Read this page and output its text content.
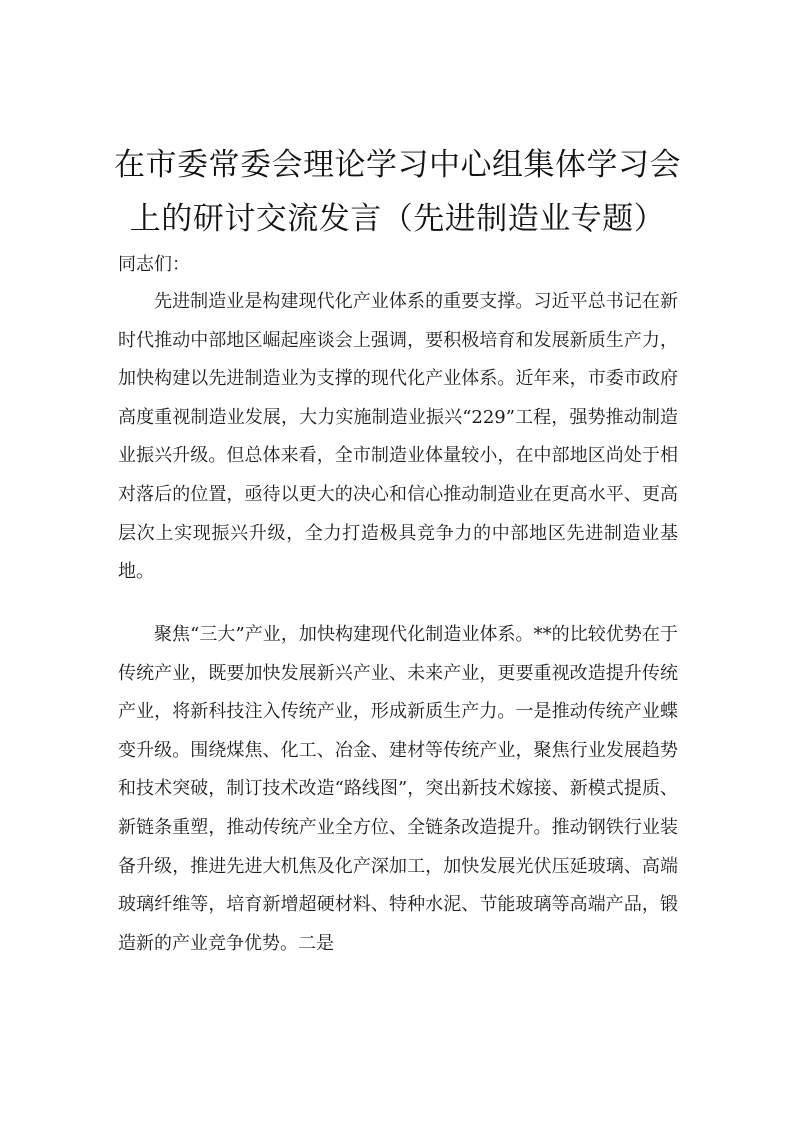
在市委常委会理论学习中心组集体学习会
上的研讨交流发言（先进制造业专题）
同志们：

先进制造业是构建现代化产业体系的重要支撑。习近平总书记在新时代推动中部地区崛起座谈会上强调，要积极培育和发展新质生产力，加快构建以先进制造业为支撑的现代化产业体系。近年来，市委市政府高度重视制造业发展，大力实施制造业振兴“229”工程，强势推动制造业振兴升级。但总体来看，全市制造业体量较小，在中部地区尚处于相对落后的位置，亟待以更大的决心和信心推动制造业在更高水平、更高层次上实现振兴升级，全力打造极具竞争力的中部地区先进制造业基地。

聚焦“三大”产业，加快构建现代化制造业体系。**的比较优势在于传统产业，既要加快发展新兴产业、未来产业，更要重视改造提升传统产业，将新科技注入传统产业，形成新质生产力。一是推动传统产业蝶变升级。围绕煤焦、化工、冶金、建材等传统产业，聚焦行业发展趋势和技术突破，制订技术改造“路线图”，突出新技术嫁接、新模式提质、新链条重塑，推动传统产业全方位、全链条改造提升。推动钢铁行业装备升级，推进先进大机焦及化产深加工，加快发展光伏压延玻璃、高端玻璃纤维等，培育新增超硬材料、特种水泥、节能玻璃等高端产品，锻造新的产业竞争优势。二是
